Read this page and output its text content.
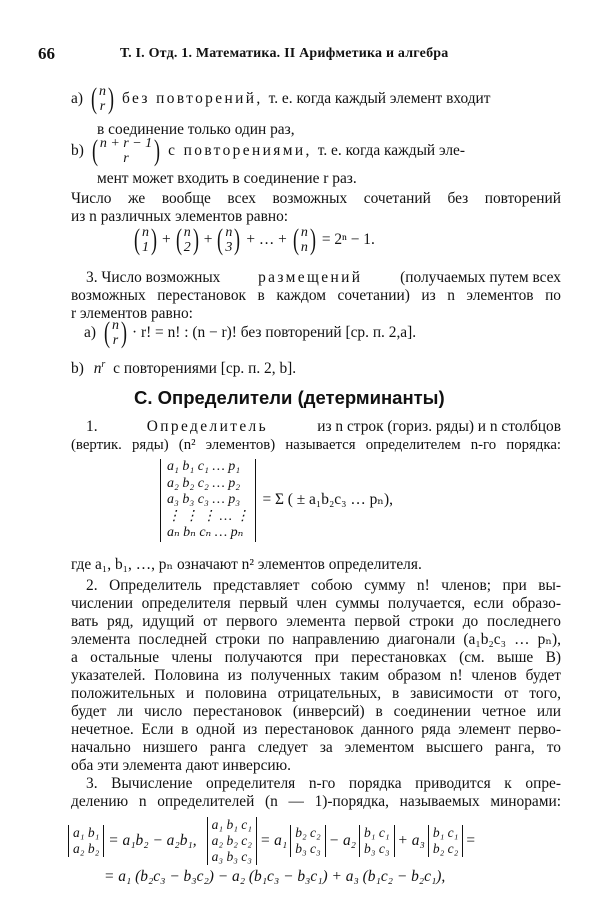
66	Т. I. Отд. 1. Математика. II Арифметика и алгебра
a) ( n
r ) без повторений, т. е. когда каждый элемент входит
в соединение только один раз,
b) ( n + r − 1
r ) с повторениями, т. е. когда каждый эле-
мент может входить в соединение r раз.
Число же вообще всех возможных сочетаний без повторений
из n различных элементов равно:
( n
1 ) + ( n
2 ) + ( n
3 ) + … + ( n
n ) = 2ⁿ − 1.
3. Число возможных размещений (получаемых путем всех
возможных перестановок в каждом сочетании) из n элементов по
r элементов равно:
a) ( n
r ) · r! = n! : (n − r)! без повторений [ср. п. 2,a].
b) $n^r$ с повторениями [ср. п. 2, b].
C. Определители (детерминанты)
1.	Определитель	из n строк (гориз. ряды) и n столбцов
(вертик. ряды) (n² элементов) называется определителем n-го порядка:
a₁ b₁ c₁ … p₁
a₂ b₂ c₂ … p₂
a₃ b₃ c₃ … p₃
⋮ ⋮ ⋮ … ⋮
aₙ bₙ cₙ … pₙ
= Σ ( ± a₁b₂c₃ … pₙ),
где a₁, b₁, …, pₙ означают n² элементов определителя.
2. Определитель представляет собою сумму n! членов; при вы-
числении определителя первый член суммы получается, если образо-
вать ряд, идущий от первого элемента первой строки до последнего
элемента последней строки по направлению диагонали (a₁b₂c₃ … pₙ),
а остальные члены получаются при перестановках (см. выше B)
указателей. Половина из полученных таким образом n! членов будет
положительных и половина отрицательных, в зависимости от того,
будет ли число перестановок (инверсий) в соединении четное или
нечетное. Если в одной из перестановок данного ряда элемент перво-
начально низшего ранга следует за элементом высшего ранга, то
оба эти элемента дают инверсию.
3. Вычисление определителя n-го порядка приводится к опре-
делению n определителей (n — 1)-порядка, называемых минорами:
a₁ b₁
a₂ b₂ = a₁b₂ − a₂b₁,
a₁ b₁ c₁
a₂ b₂ c₂
a₃ b₃ c₃
= a₁ b₂ c₂
b₃ c₃ − a₂ b₁ c₁
b₃ c₃ + a₃ b₁ c₁
b₂ c₂ =
= a₁ (b₂c₃ − b₃c₂) − a₂ (b₁c₃ − b₃c₁) + a₃ (b₁c₂ − b₂c₁),
